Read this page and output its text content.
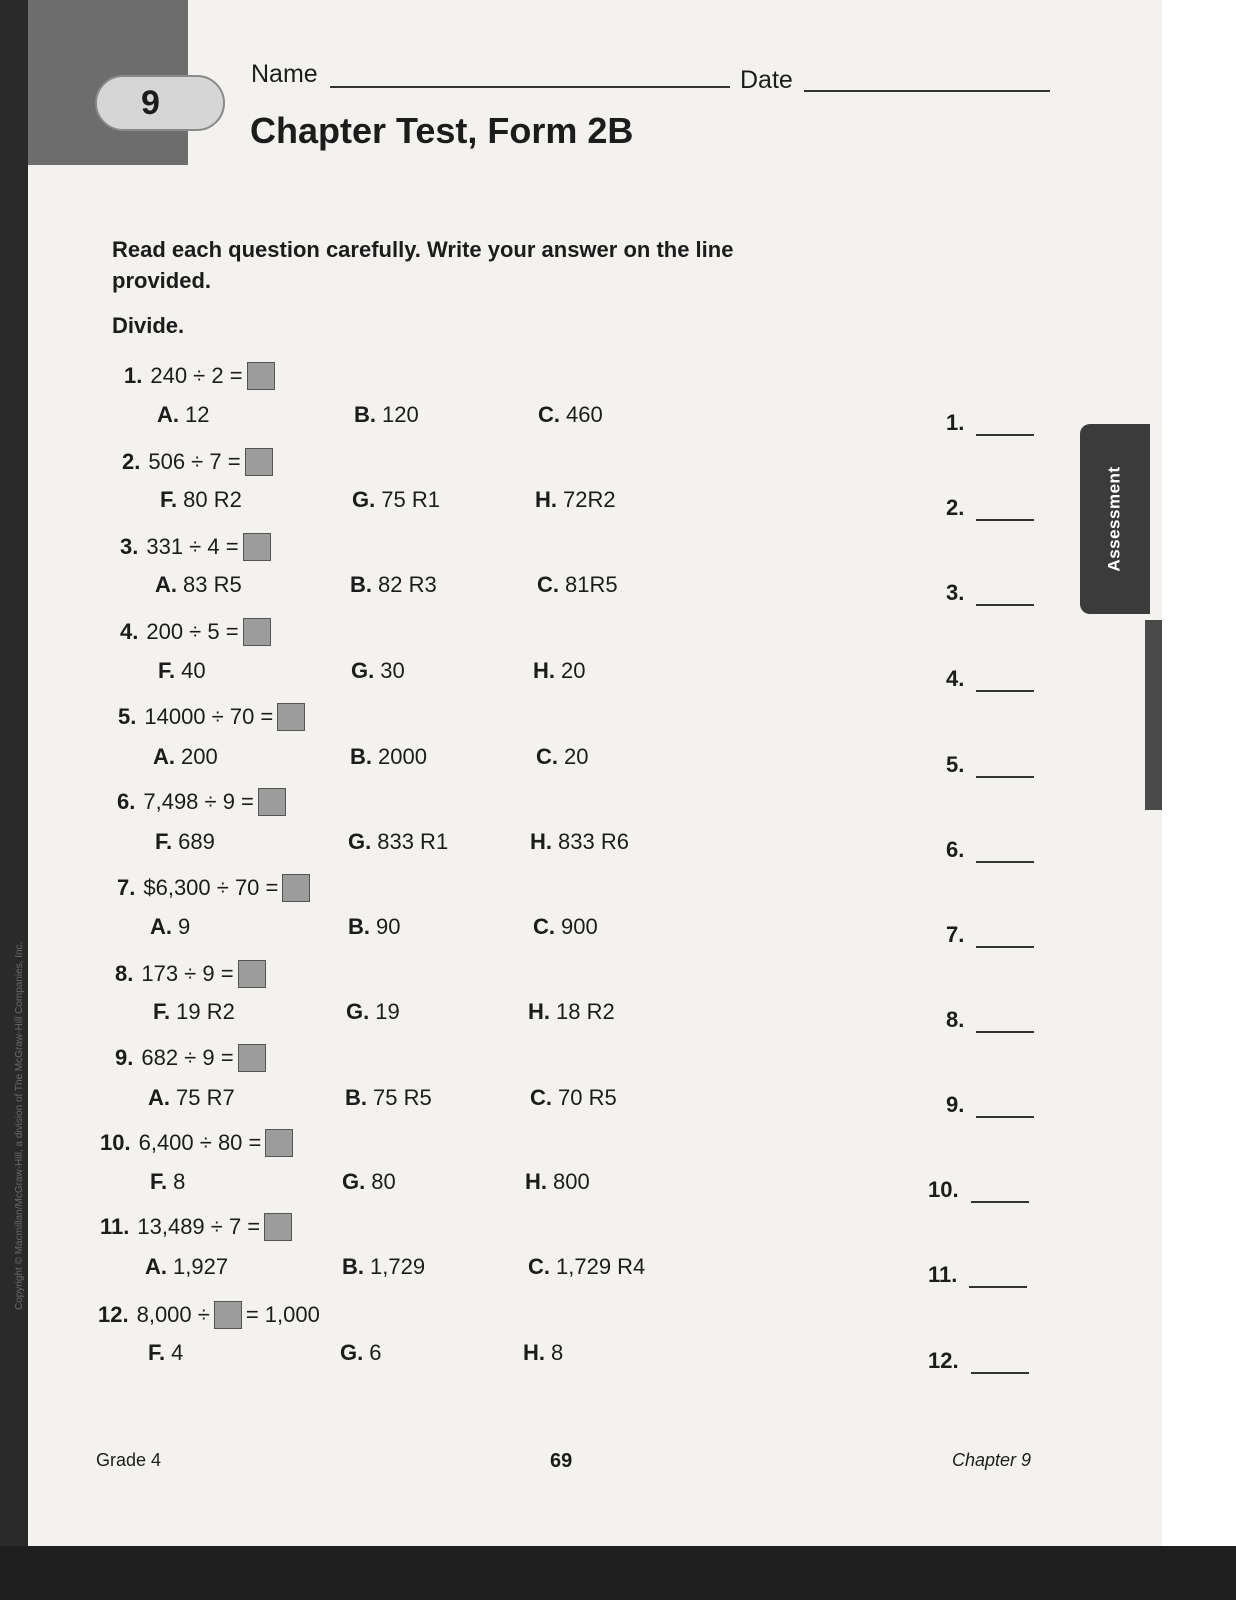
9
Assessment
Copyright © Macmillan/McGraw-Hill, a division of The McGraw-Hill Companies, Inc.
Name	Date
Chapter Test, Form 2B
Read each question carefully. Write your answer on the line provided.
Divide.
1. 240 ÷ 2 =
A. 12	B. 120	C. 460	1.
2. 506 ÷ 7 =
F. 80 R2	G. 75 R1	H. 72R2	2.
3. 331 ÷ 4 =
A. 83 R5	B. 82 R3	C. 81R5	3.
4. 200 ÷ 5 =
F. 40	G. 30	H. 20	4.
5. 14000 ÷ 70 =
A. 200	B. 2000	C. 20	5.
6. 7,498 ÷ 9 =
F. 689	G. 833 R1	H. 833 R6	6.
7. $6,300 ÷ 70 =
A. 9	B. 90	C. 900	7.
8. 173 ÷ 9 =
F. 19 R2	G. 19	H. 18 R2	8.
9. 682 ÷ 9 =
A. 75 R7	B. 75 R5	C. 70 R5	9.
10. 6,400 ÷ 80 =
F. 8	G. 80	H. 800	10.
11. 13,489 ÷ 7 =
A. 1,927	B. 1,729	C. 1,729 R4	11.
12. 8,000 ÷ = 1,000
F. 4	G. 6	H. 8	12.
Grade 4	69	Chapter 9
